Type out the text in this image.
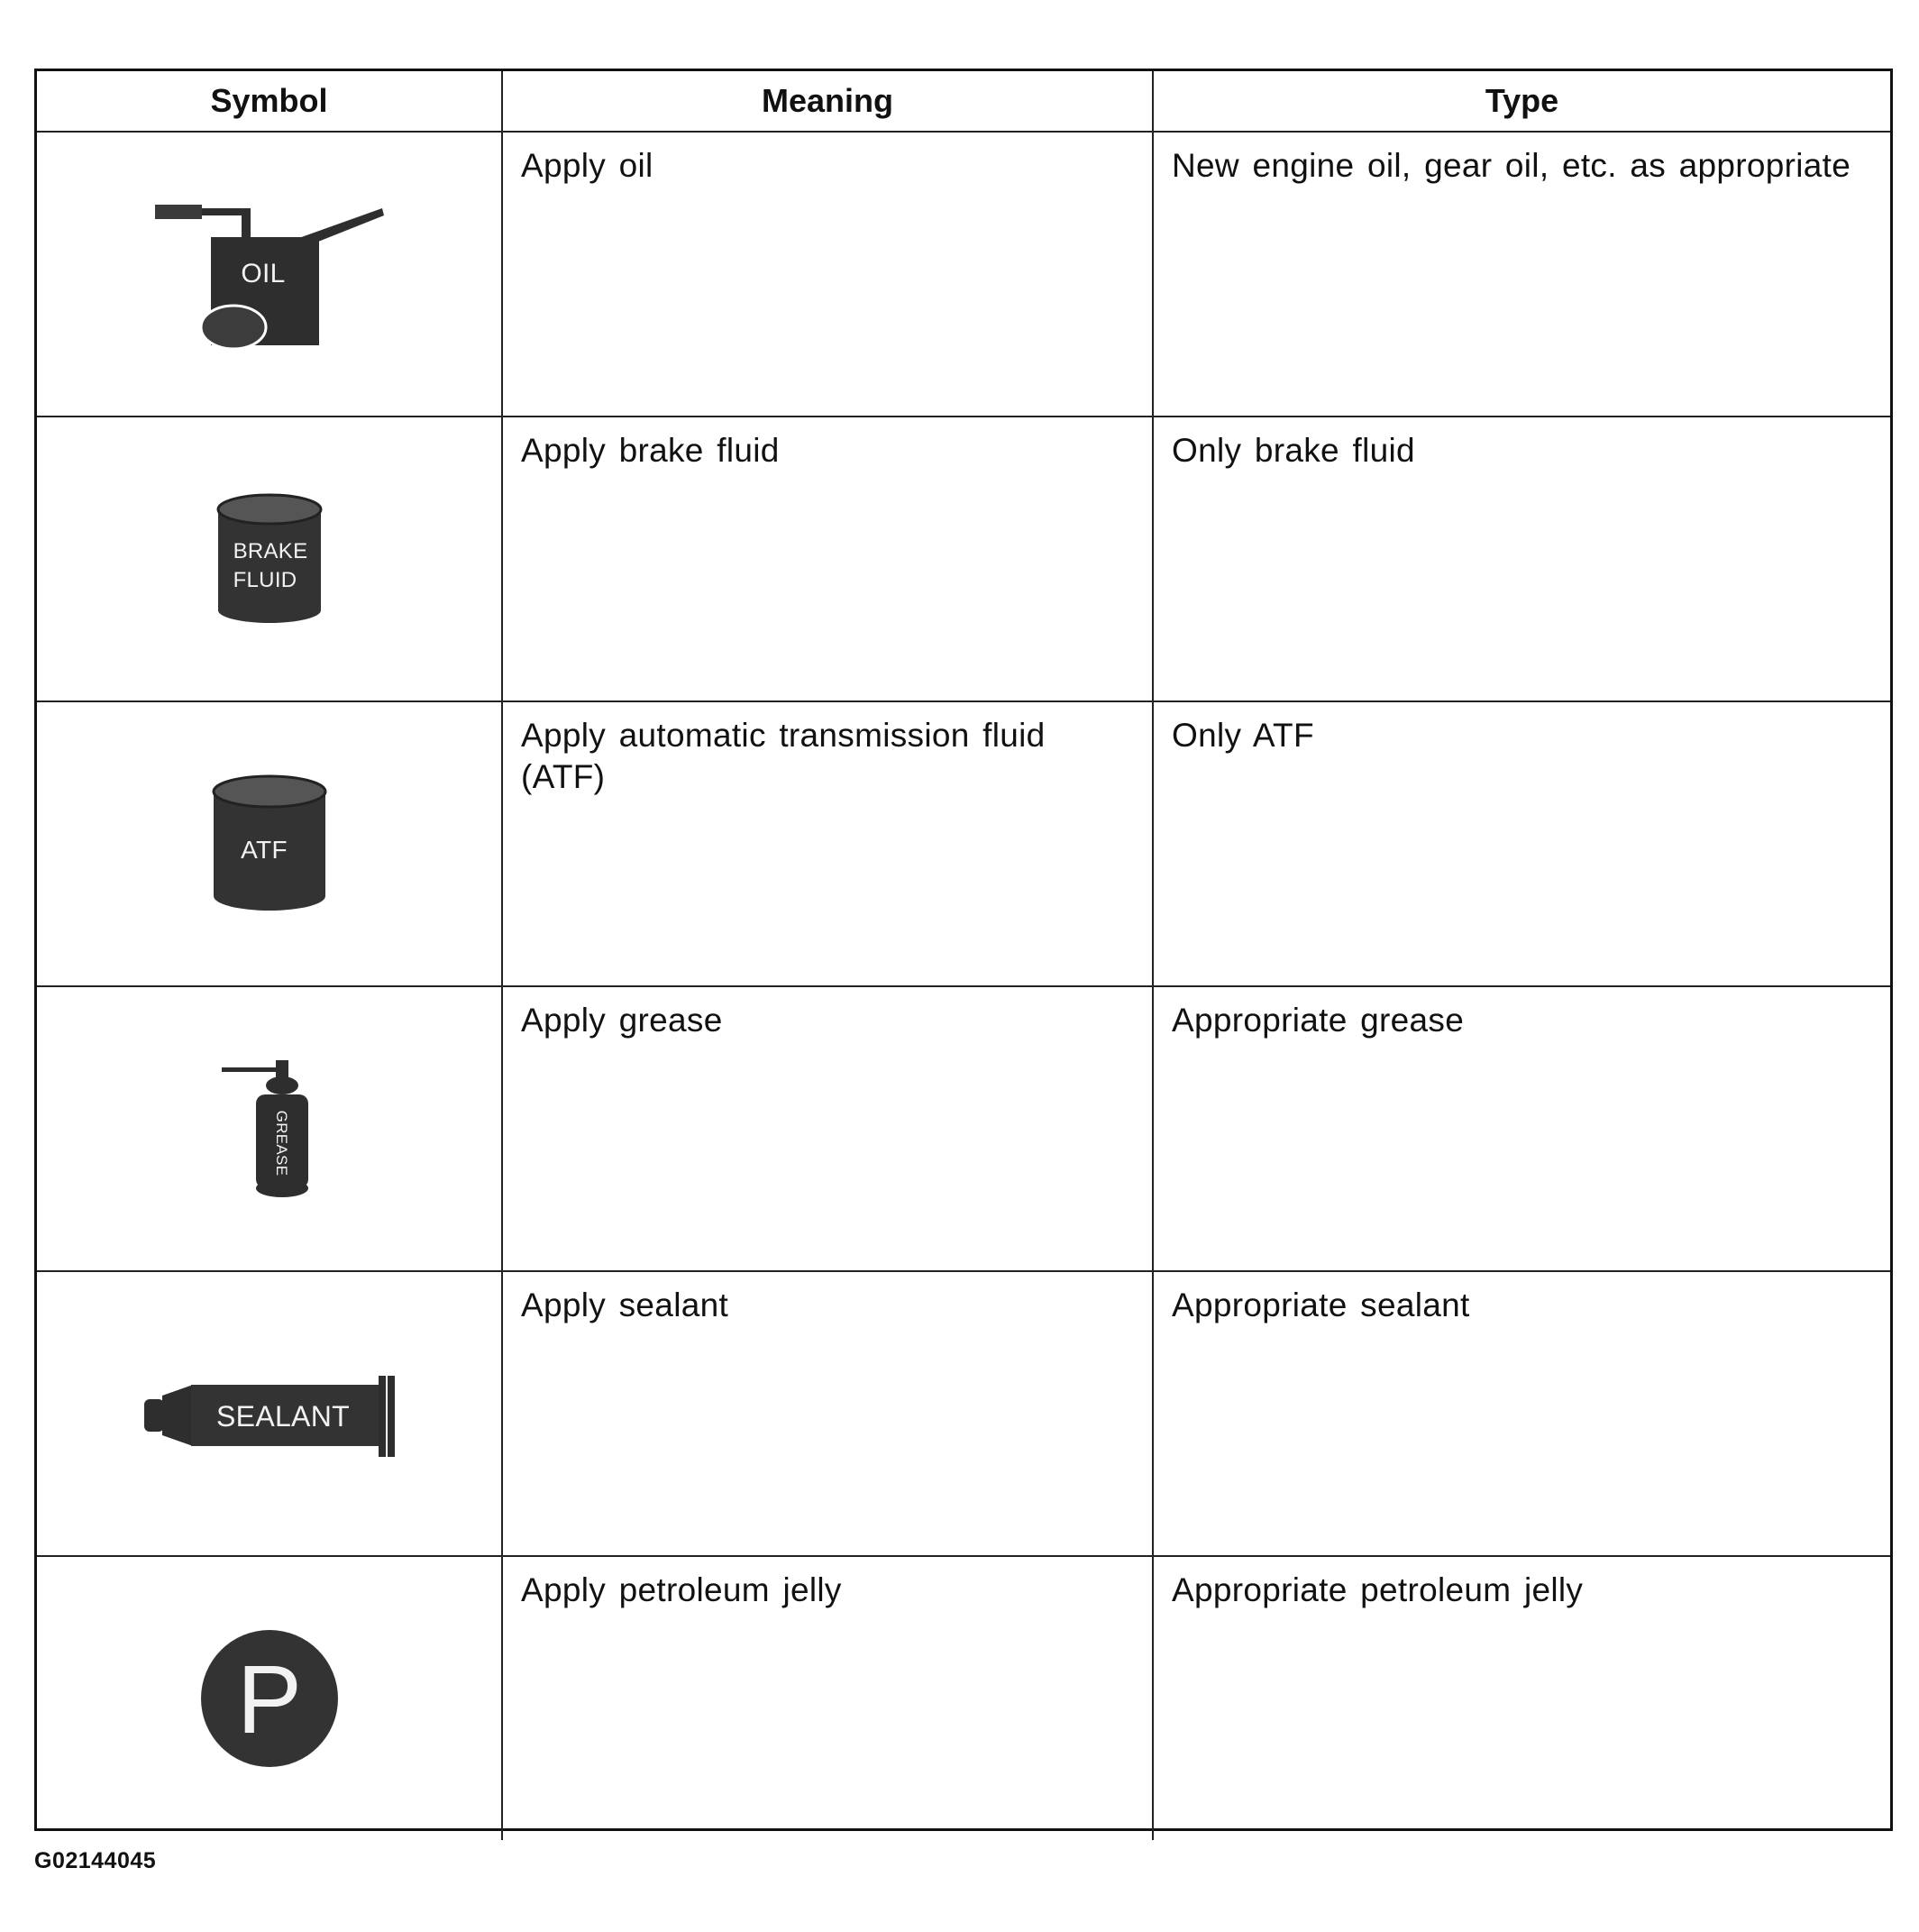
Symbol	Meaning	Type

OIL	Apply oil	New engine oil, gear oil, etc. as appropriate

BRAKE
FLUID	Apply brake fluid	Only brake fluid

ATF	Apply automatic transmission fluid (ATF)	Only ATF

GREASE	Apply grease	Appropriate grease

SEALANT	Apply sealant	Appropriate sealant

P	Apply petroleum jelly	Appropriate petroleum jelly
G02144045
